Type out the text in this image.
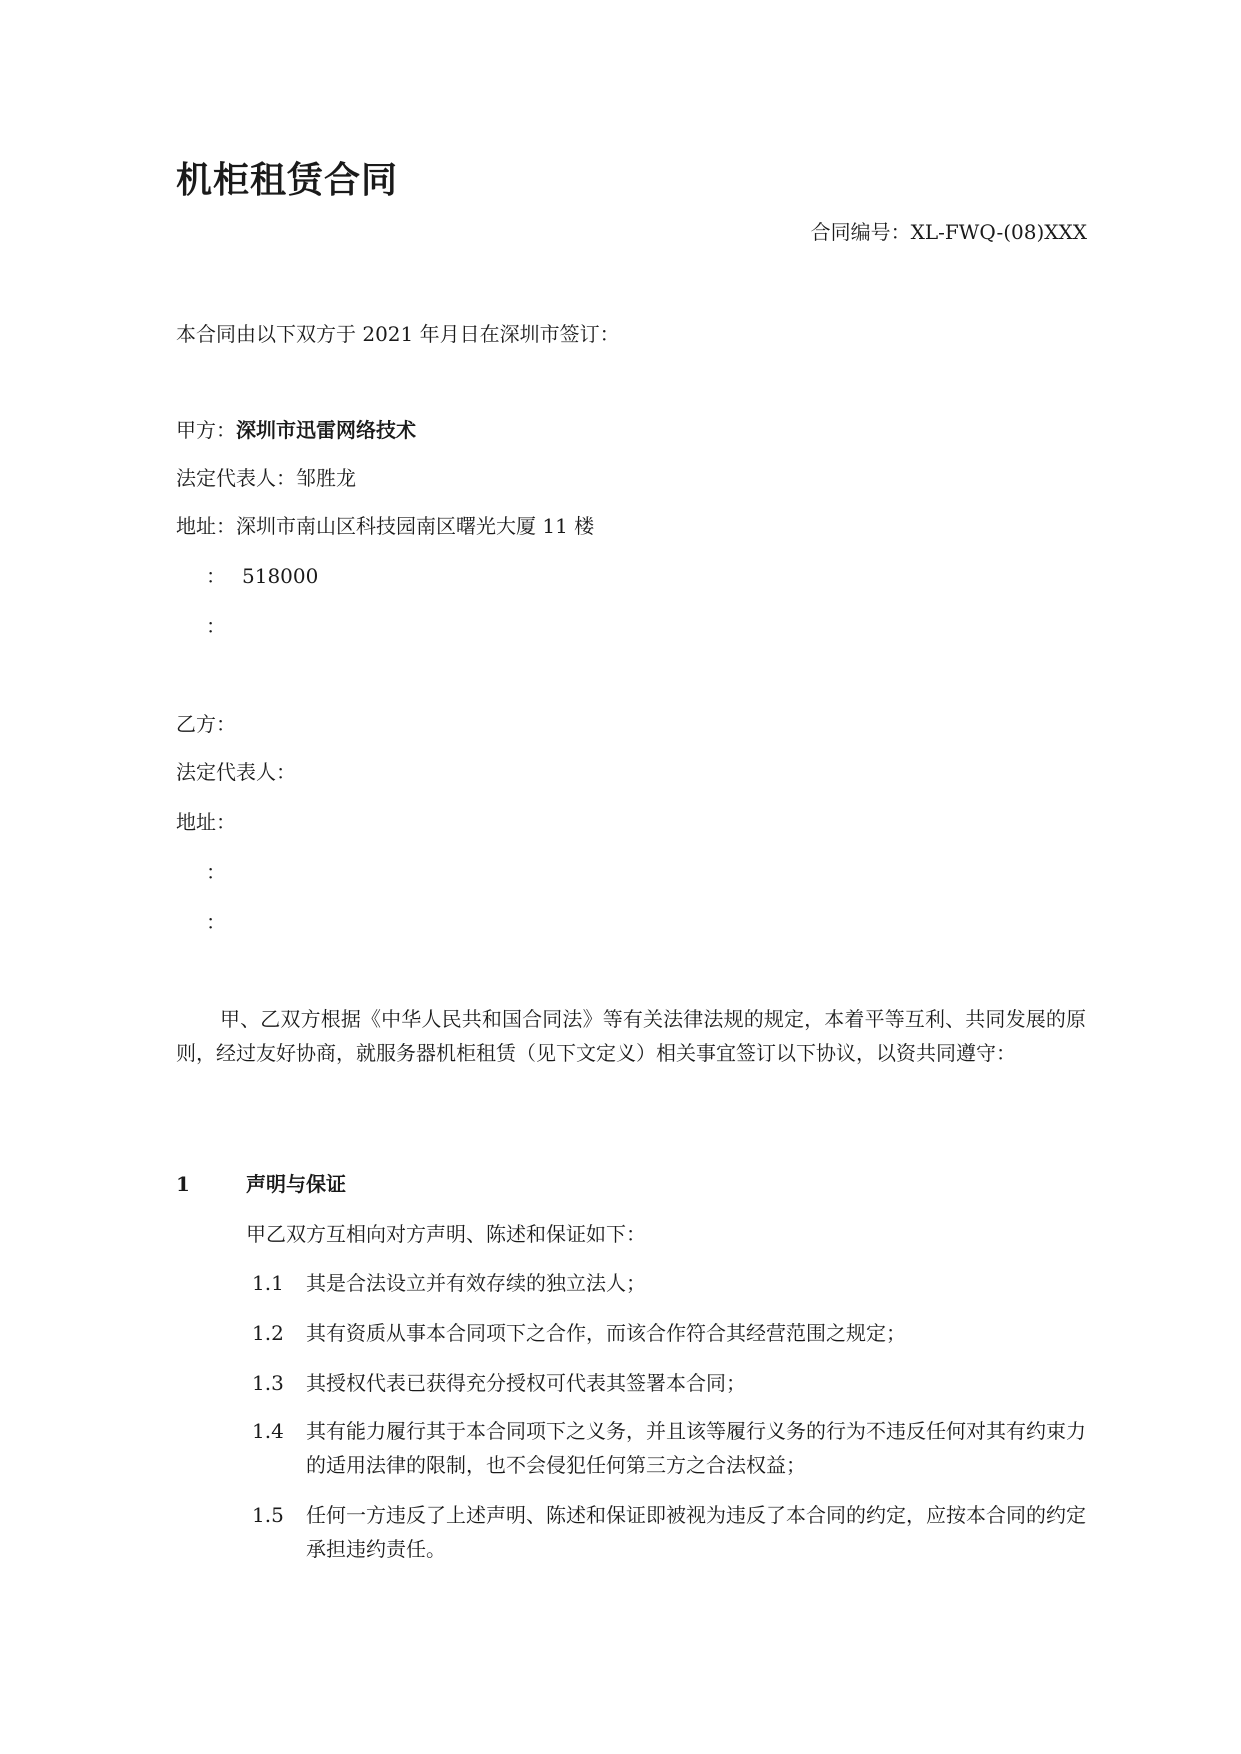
机柜租赁合同
合同编号：XL-FWQ-(08)XXX
本合同由以下双方于 2021 年月日在深圳市签订：
甲方：深圳市迅雷网络技术
法定代表人：邹胜龙
地址：深圳市南山区科技园南区曙光大厦 11 楼
： 518000
：
乙方：
法定代表人：
地址：
：
：
甲、乙双方根据《中华人民共和国合同法》等有关法律法规的规定，本着平等互利、共同发展的原则，经过友好协商，就服务器机柜租赁（见下文定义）相关事宜签订以下协议，以资共同遵守：
1	声明与保证
甲乙双方互相向对方声明、陈述和保证如下：
1.1 其是合法设立并有效存续的独立法人；
1.2 其有资质从事本合同项下之合作，而该合作符合其经营范围之规定；
1.3 其授权代表已获得充分授权可代表其签署本合同；
1.4 其有能力履行其于本合同项下之义务，并且该等履行义务的行为不违反任何对其有约束力的适用法律的限制，也不会侵犯任何第三方之合法权益；
1.5 任何一方违反了上述声明、陈述和保证即被视为违反了本合同的约定，应按本合同的约定承担违约责任。
